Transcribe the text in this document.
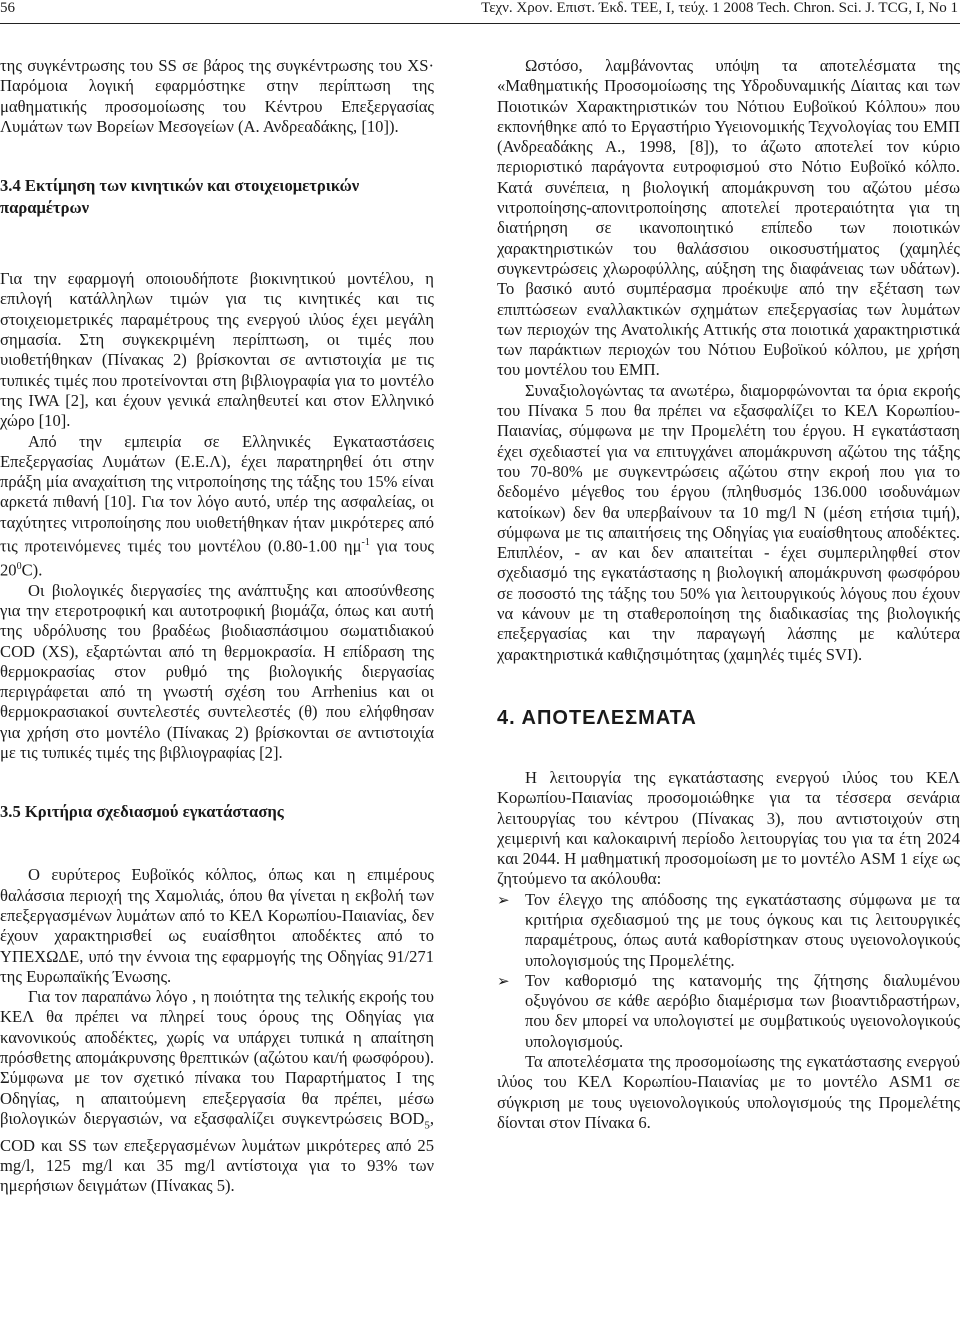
56	Τεχν. Χρον. Επιστ. Έκδ. ΤΕΕ, Ι, τεύχ. 1 2008 Tech. Chron. Sci. J. TCG, I, No 1

της συγκέντρωσης του SS σε βάρος της συγκέντρωσης του XS· Παρόμοια λογική εφαρμόστηκε στην περίπτωση της μαθηματικής προσομοίωσης του Κέντρου Επεξεργασίας Λυμάτων των Βορείων Μεσογείων (Α. Ανδρεαδάκης, [10]).

3.4 Εκτίμηση των κινητικών και στοιχειομετρικών παραμέτρων

Για την εφαρμογή οποιουδήποτε βιοκινητικού μοντέλου, η επιλογή κατάλληλων τιμών για τις κινητικές και τις στοιχειομετρικές παραμέτρους της ενεργού ιλύος έχει μεγάλη σημασία. Στη συγκεκριμένη περίπτωση, οι τιμές που υιοθετήθηκαν (Πίνακας 2) βρίσκονται σε αντιστοιχία με τις τυπικές τιμές που προτείνονται στη βιβλιογραφία για το μοντέλο της IWA [2], και έχουν γενικά επαληθευτεί και στον Ελληνικό χώρο [10].

Από την εμπειρία σε Ελληνικές Εγκαταστάσεις Επεξεργασίας Λυμάτων (Ε.Ε.Λ), έχει παρατηρηθεί ότι στην πράξη μία αναχαίτιση της νιτροποίησης της τάξης του 15% είναι αρκετά πιθανή [10]. Για τον λόγο αυτό, υπέρ της ασφαλείας, οι ταχύτητες νιτροποίησης που υιοθετήθηκαν ήταν μικρότερες από τις προτεινόμενες τιμές του μοντέλου (0.80-1.00 $\eta\mu^{-1}$ για τους $20^0C$).

Οι βιολογικές διεργασίες της ανάπτυξης και αποσύνθεσης για την ετεροτροφική και αυτοτροφική βιομάζα, όπως και αυτή της υδρόλυσης του βραδέως βιοδιασπάσιμου σωματιδιακού COD (XS), εξαρτώνται από τη θερμοκρασία. Η επίδραση της θερμοκρασίας στον ρυθμό της βιολογικής διεργασίας περιγράφεται από τη γνωστή σχέση του Arrhenius και οι θερμοκρασιακοί συντελεστές συντελεστές (θ) που ελήφθησαν για χρήση στο μοντέλο (Πίνακας 2) βρίσκονται σε αντιστοιχία με τις τυπικές τιμές της βιβλιογραφίας [2].

3.5 Κριτήρια σχεδιασμού εγκατάστασης

Ο ευρύτερος Ευβοϊκός κόλπος, όπως και η επιμέρους θαλάσσια περιοχή της Χαμολιάς, όπου θα γίνεται η εκβολή των επεξεργασμένων λυμάτων από το ΚΕΛ Κορωπίου-Παιανίας, δεν έχουν χαρακτηρισθεί ως ευαίσθητοι αποδέκτες από το ΥΠΕΧΩΔΕ, υπό την έννοια της εφαρμογής της Οδηγίας 91/271 της Ευρωπαϊκής Ένωσης.

Για τον παραπάνω λόγο , η ποιότητα της τελικής εκροής του ΚΕΛ θα πρέπει να πληρεί τους όρους της Οδηγίας για κανονικούς αποδέκτες, χωρίς να υπάρχει τυπικά η απαίτηση πρόσθετης απομάκρυνσης θρεπτικών (αζώτου και/ή φωσφόρου). Σύμφωνα με τον σχετικό πίνακα του Παραρτήματος Ι της Οδηγίας, η απαιτούμενη επεξεργασία θα πρέπει, μέσω βιολογικών διεργασιών, να εξασφαλίζει συγκεντρώσεις $BOD_5$, COD και SS των επεξεργασμένων λυμάτων μικρότερες από 25 mg/l, 125 mg/l και 35 mg/l αντίστοιχα για το 93% των ημερήσιων δειγμάτων (Πίνακας 5).

Ωστόσο, λαμβάνοντας υπόψη τα αποτελέσματα της «Μαθηματικής Προσομοίωσης της Υδροδυναμικής Δίαιτας και των Ποιοτικών Χαρακτηριστικών του Νότιου Ευβοϊκού Κόλπου» που εκπονήθηκε από το Εργαστήριο Υγειονομικής Τεχνολογίας του ΕΜΠ (Ανδρεαδάκης Α., 1998, [8]), το άζωτο αποτελεί τον κύριο περιοριστικό παράγοντα ευτροφισμού στο Νότιο Ευβοϊκό κόλπο. Κατά συνέπεια, η βιολογική απομάκρυνση του αζώτου μέσω νιτροποίησης-απονιτροποίησης αποτελεί προτεραιότητα για τη διατήρηση σε ικανοποιητικό επίπεδο των ποιοτικών χαρακτηριστικών του θαλάσσιου οικοσυστήματος (χαμηλές συγκεντρώσεις χλωροφύλλης, αύξηση της διαφάνειας των υδάτων). Το βασικό αυτό συμπέρασμα προέκυψε από την εξέταση των επιπτώσεων εναλλακτικών σχημάτων επεξεργασίας των λυμάτων των περιοχών της Ανατολικής Αττικής στα ποιοτικά χαρακτηριστικά των παράκτιων περιοχών του Νότιου Ευβοϊκού κόλπου, με χρήση του μοντέλου του ΕΜΠ.

Συναξιολογώντας τα ανωτέρω, διαμορφώνονται τα όρια εκροής του Πίνακα 5 που θα πρέπει να εξασφαλίζει το ΚΕΛ Κορωπίου-Παιανίας, σύμφωνα με την Προμελέτη του έργου. Η εγκατάσταση έχει σχεδιαστεί για να επιτυγχάνει απομάκρυνση αζώτου της τάξης του 70-80% με συγκεντρώσεις αζώτου στην εκροή που για το δεδομένο μέγεθος του έργου (πληθυσμός 136.000 ισοδυνάμων κατοίκων) δεν θα υπερβαίνουν τα 10 mg/l N (μέση ετήσια τιμή), σύμφωνα με τις απαιτήσεις της Οδηγίας για ευαίσθητους αποδέκτες. Επιπλέον, - αν και δεν απαιτείται - έχει συμπεριληφθεί στον σχεδιασμό της εγκατάστασης η βιολογική απομάκρυνση φωσφόρου σε ποσοστό της τάξης του 50% για λειτουργικούς λόγους που έχουν να κάνουν με τη σταθεροποίηση της διαδικασίας της βιολογικής επεξεργασίας και την παραγωγή λάσπης με καλύτερα χαρακτηριστικά καθιζησιμότητας (χαμηλές τιμές SVI).

4. ΑΠΟΤΕΛΕΣΜΑΤΑ

Η λειτουργία της εγκατάστασης ενεργού ιλύος του ΚΕΛ Κορωπίου-Παιανίας προσομοιώθηκε για τα τέσσερα σενάρια λειτουργίας του κέντρου (Πίνακας 3), που αντιστοιχούν στη χειμερινή και καλοκαιρινή περίοδο λειτουργίας του για τα έτη 2024 και 2044. Η μαθηματική προσομοίωση με το μοντέλο ASM 1 είχε ως ζητούμενο τα ακόλουθα:

➢ Τον έλεγχο της απόδοσης της εγκατάστασης σύμφωνα με τα κριτήρια σχεδιασμού της με τους όγκους και τις λειτουργικές παραμέτρους, όπως αυτά καθορίστηκαν στους υγειονολογικούς υπολογισμούς της Προμελέτης.
➢ Τον καθορισμό της κατανομής της ζήτησης διαλυμένου οξυγόνου σε κάθε αερόβιο διαμέρισμα των βιοαντιδραστήρων, που δεν μπορεί να υπολογιστεί με συμβατικούς υγειονολογικούς υπολογισμούς.

Τα αποτελέσματα της προσομοίωσης της εγκατάστασης ενεργού ιλύος του ΚΕΛ Κορωπίου-Παιανίας με το μοντέλο ASM1 σε σύγκριση με τους υγειονολογικούς υπολογισμούς της Προμελέτης δίονται στον Πίνακα 6.
